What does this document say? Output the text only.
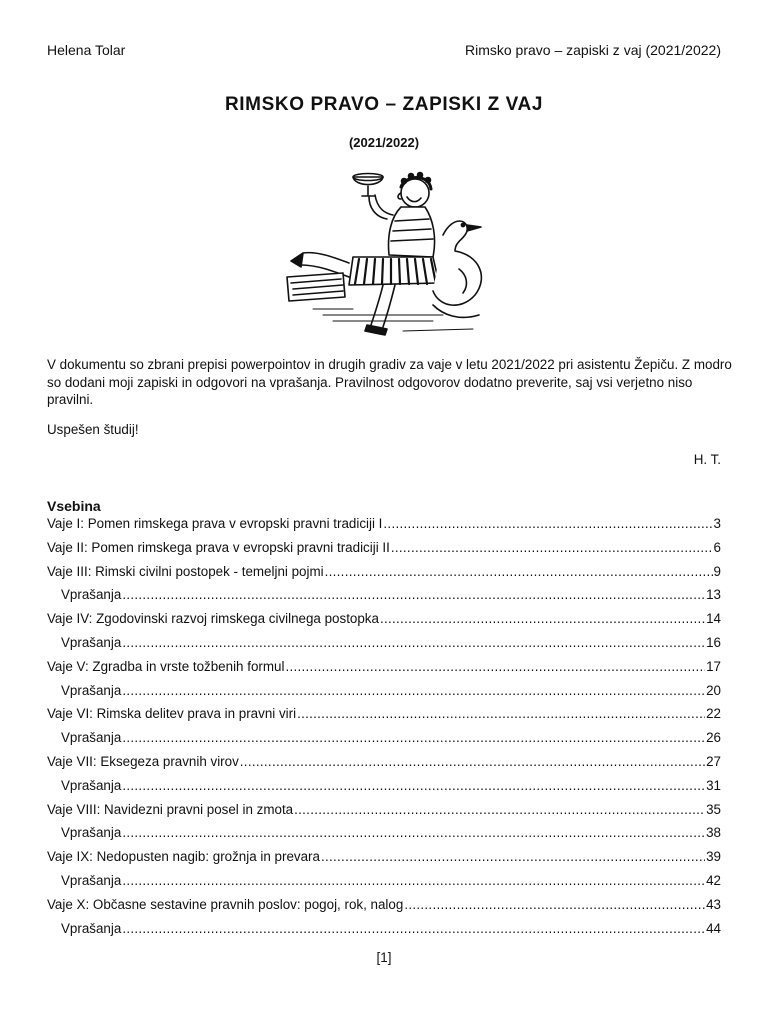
Helena Tolar	Rimsko pravo – zapiski z vaj (2021/2022)
RIMSKO PRAVO – ZAPISKI Z VAJ
(2021/2022)

V dokumentu so zbrani prepisi powerpointov in drugih gradiv za vaje v letu 2021/2022 pri asistentu Žepiču. Z modro so dodani moji zapiski in odgovori na vprašanja. Pravilnost odgovorov dodatno preverite, saj vsi verjetno niso pravilni.

Uspešen študij!
H. T.
Vsebina
Vaje I: Pomen rimskega prava v evropski pravni tradiciji I .....	3
Vaje II: Pomen rimskega prava v evropski pravni tradiciji II .....	6
Vaje III: Rimski civilni postopek - temeljni pojmi .....	9
Vprašanja .....	13
Vaje IV: Zgodovinski razvoj rimskega civilnega postopka .....	14
Vprašanja .....	16
Vaje V: Zgradba in vrste tožbenih formul .....	17
Vprašanja .....	20
Vaje VI: Rimska delitev prava in pravni viri .....	22
Vprašanja .....	26
Vaje VII: Eksegeza pravnih virov .....	27
Vprašanja .....	31
Vaje VIII: Navidezni pravni posel in zmota .....	35
Vprašanja .....	38
Vaje IX: Nedopusten nagib: grožnja in prevara .....	39
Vprašanja .....	42
Vaje X: Občasne sestavine pravnih poslov: pogoj, rok, nalog .....	43
Vprašanja .....	44
[1]
